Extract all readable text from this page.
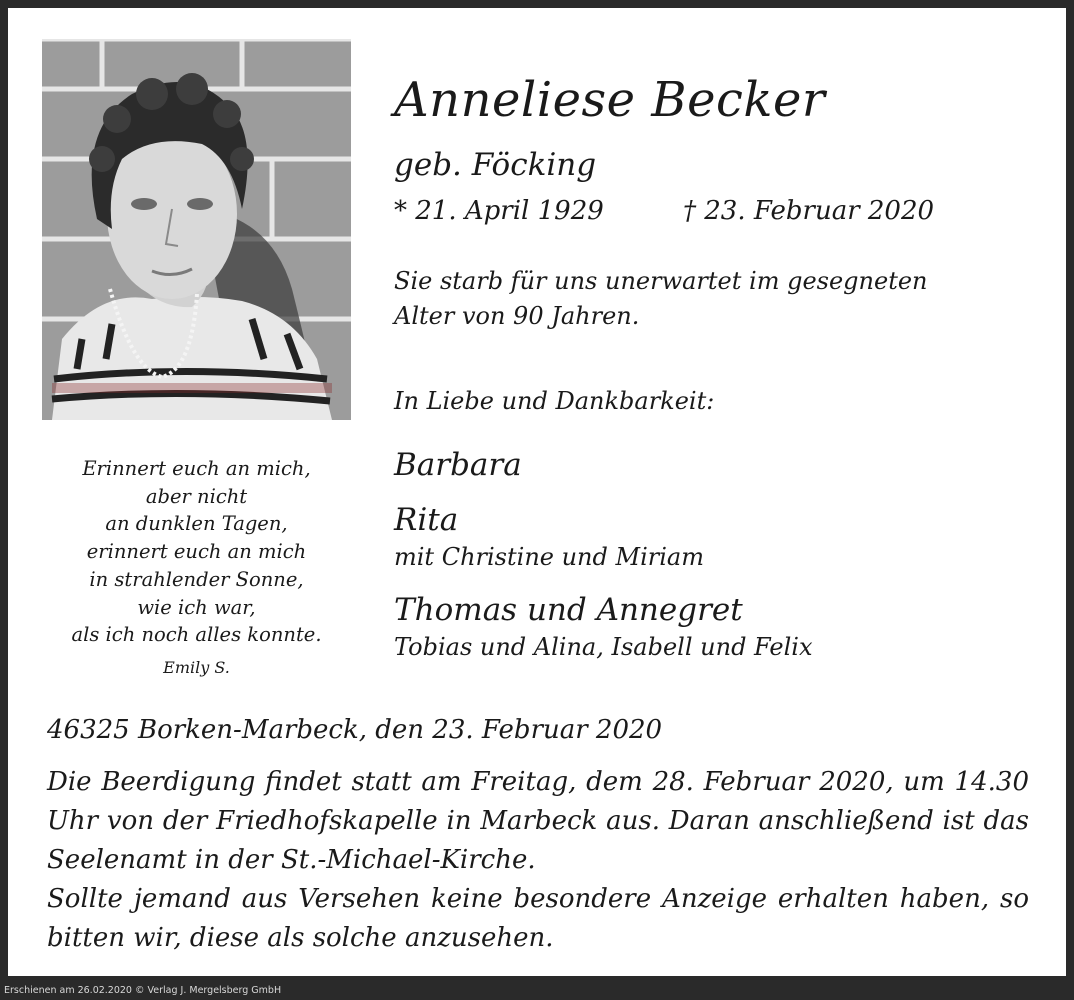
Anneliese Becker
geb. Föcking
* 21. April 1929	† 23. Februar 2020
Sie starb für uns unerwartet im gesegneten
Alter von 90 Jahren.
In Liebe und Dankbarkeit:
Barbara
Rita
mit Christine und Miriam
Thomas und Annegret
Tobias und Alina, Isabell und Felix
Erinnert euch an mich,
aber nicht
an dunklen Tagen,
erinnert euch an mich
in strahlender Sonne,
wie ich war,
als ich noch alles konnte.
Emily S.
46325 Borken-Marbeck, den 23. Februar 2020
Die Beerdigung findet statt am Freitag, dem 28. Februar 2020, um 14.30 Uhr von der Friedhofskapelle in Marbeck aus. Daran anschließend ist das Seelenamt in der St.-Michael-Kirche.
Sollte jemand aus Versehen keine besondere Anzeige erhalten haben, so bitten wir, diese als solche anzusehen.
Erschienen am 26.02.2020 © Verlag J. Mergelsberg GmbH
